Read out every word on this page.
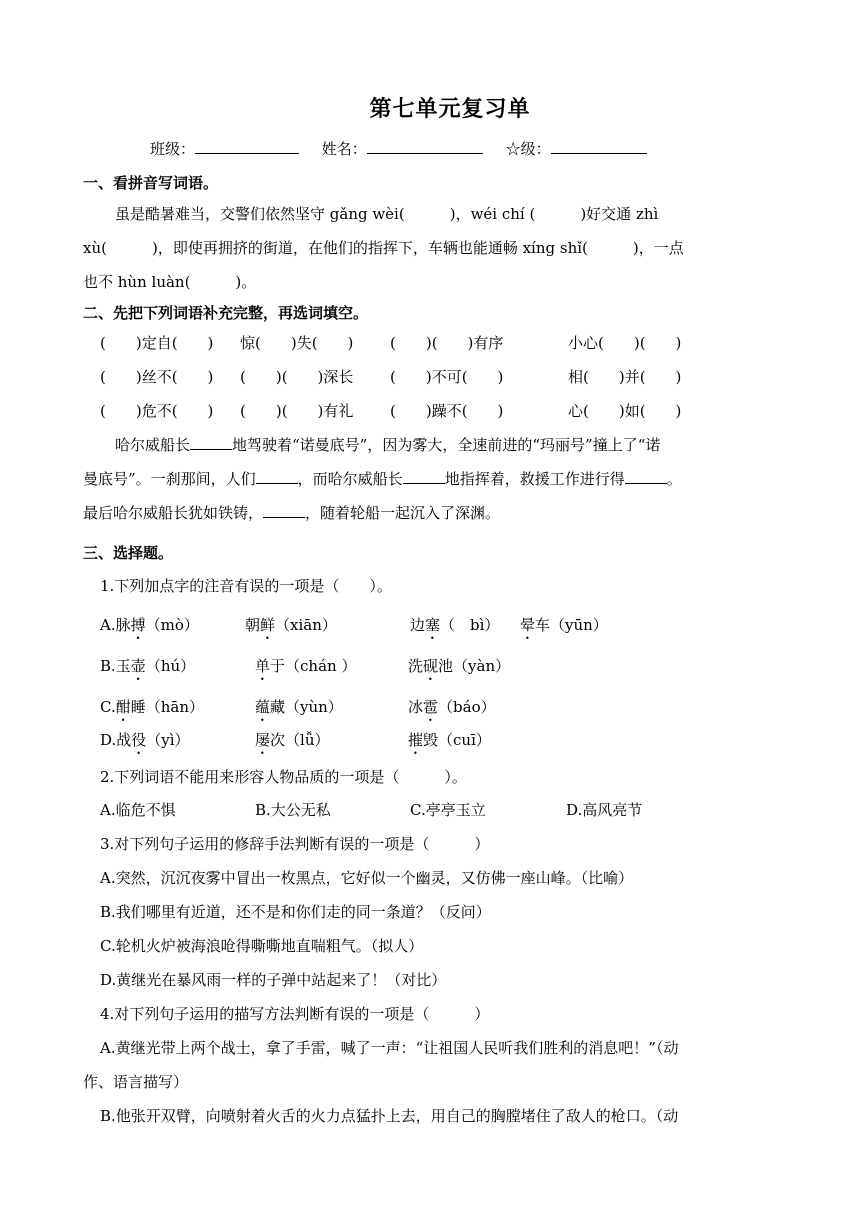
第七单元复习单
班级：	姓名：	☆级：
一、看拼音写词语。
虽是酷暑难当，交警们依然坚守 gǎng wèi(　　　)，wéi chí (　　　)好交通 zhì
xù(　　　)，即使再拥挤的街道，在他们的指挥下，车辆也能通畅 xíng shǐ(　　　)，一点
也不 hùn luàn(　　　)。
二、先把下列词语补充完整，再选词填空。
(　　)定自(　　) 惊(　　)失(　　) (　　)(　　)有序	小心(　　)(　　)
(　　)丝不(　　) (　　)(　　)深长 (　　)不可(　　)	相(　　)并(　　)
(　　)危不(　　) (　　)(　　)有礼 (　　)躁不(　　)	心(　　)如(　　)
哈尔威船长	地驾驶着“诺曼底号”，因为雾大，全速前进的“玛丽号”撞上了“诺
曼底号”。一刹那间，人们	，而哈尔威船长	地指挥着，救援工作进行得	。
最后哈尔威船长犹如铁铸，	，随着轮船一起沉入了深渊。
三、选择题。
1.下列加点字的注音有误的一项是（　　）。
A.脉搏（mò）	朝鲜（xiān）	边塞（　bì） 晕车（yūn）
B.玉壶（hú）	单于（chán ）	洗砚池（yàn）
C.酣睡（hān）	蕴藏（yùn）	冰雹（báo）
D.战役（yì）	屡次（lǚ）	摧毁（cuī）
2.下列词语不能用来形容人物品质的一项是（　　　）。
A.临危不惧	B.大公无私	C.亭亭玉立	D.高风亮节
3.对下列句子运用的修辞手法判断有误的一项是（　　　）
A.突然，沉沉夜雾中冒出一枚黑点，它好似一个幽灵，又仿佛一座山峰。（比喻）
B.我们哪里有近道，还不是和你们走的同一条道？（反问）
C.轮机火炉被海浪呛得嘶嘶地直喘粗气。（拟人）
D.黄继光在暴风雨一样的子弹中站起来了！（对比）
4.对下列句子运用的描写方法判断有误的一项是（　　　）
A.黄继光带上两个战士，拿了手雷，喊了一声：“让祖国人民听我们胜利的消息吧！”（动
作、语言描写）
B.他张开双臂，向喷射着火舌的火力点猛扑上去，用自己的胸膛堵住了敌人的枪口。（动
